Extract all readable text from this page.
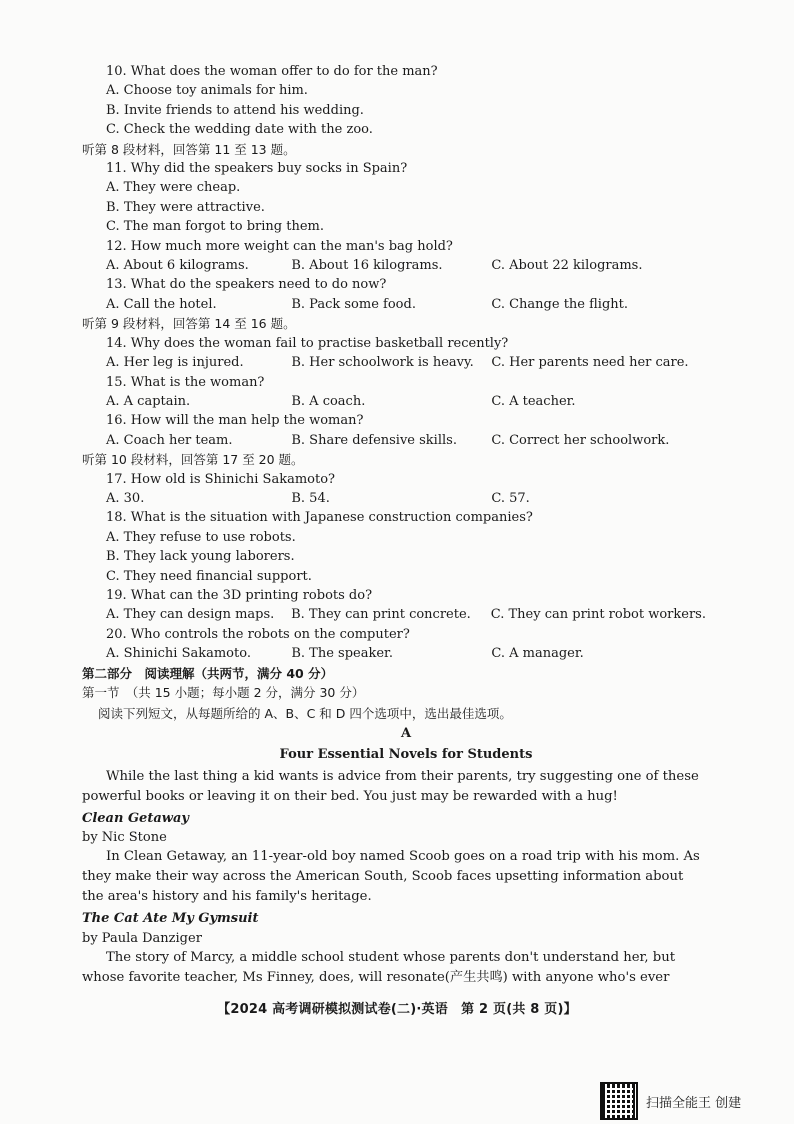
10. What does the woman offer to do for the man?

A. Choose toy animals for him.

B. Invite friends to attend his wedding.

C. Check the wedding date with the zoo.

听第 8 段材料，回答第 11 至 13 题。

11. Why did the speakers buy socks in Spain?

A. They were cheap.

B. They were attractive.

C. The man forgot to bring them.

12. How much more weight can the man's bag hold?

A. About 6 kilograms.	B. About 16 kilograms.	C. About 22 kilograms.

13. What do the speakers need to do now?

A. Call the hotel.	B. Pack some food.	C. Change the flight.

听第 9 段材料，回答第 14 至 16 题。

14. Why does the woman fail to practise basketball recently?

A. Her leg is injured.	B. Her schoolwork is heavy.	C. Her parents need her care.

15. What is the woman?

A. A captain.	B. A coach.	C. A teacher.

16. How will the man help the woman?

A. Coach her team.	B. Share defensive skills.	C. Correct her schoolwork.

听第 10 段材料，回答第 17 至 20 题。

17. How old is Shinichi Sakamoto?

A. 30.	B. 54.	C. 57.

18. What is the situation with Japanese construction companies?

A. They refuse to use robots.

B. They lack young laborers.

C. They need financial support.

19. What can the 3D printing robots do?

A. They can design maps.	B. They can print concrete.	C. They can print robot workers.

20. Who controls the robots on the computer?

A. Shinichi Sakamoto.	B. The speaker.	C. A manager.

第二部分　阅读理解（共两节，满分 40 分）

第一节　（共 15 小题；每小题 2 分，满分 30 分）

阅读下列短文，从每题所给的 A、B、C 和 D 四个选项中，选出最佳选项。

A

Four Essential Novels for Students

While the last thing a kid wants is advice from their parents, try suggesting one of these powerful books or leaving it on their bed. You just may be rewarded with a hug!

Clean Getaway

by Nic Stone

In Clean Getaway, an 11-year-old boy named Scoob goes on a road trip with his mom. As they make their way across the American South, Scoob faces upsetting information about the area's history and his family's heritage.

The Cat Ate My Gymsuit

by Paula Danziger

The story of Marcy, a middle school student whose parents don't understand her, but whose favorite teacher, Ms Finney, does, will resonate(产生共鸣) with anyone who's ever

【2024 高考调研模拟测试卷(二)·英语　第 2 页(共 8 页)】
扫描全能王 创建
